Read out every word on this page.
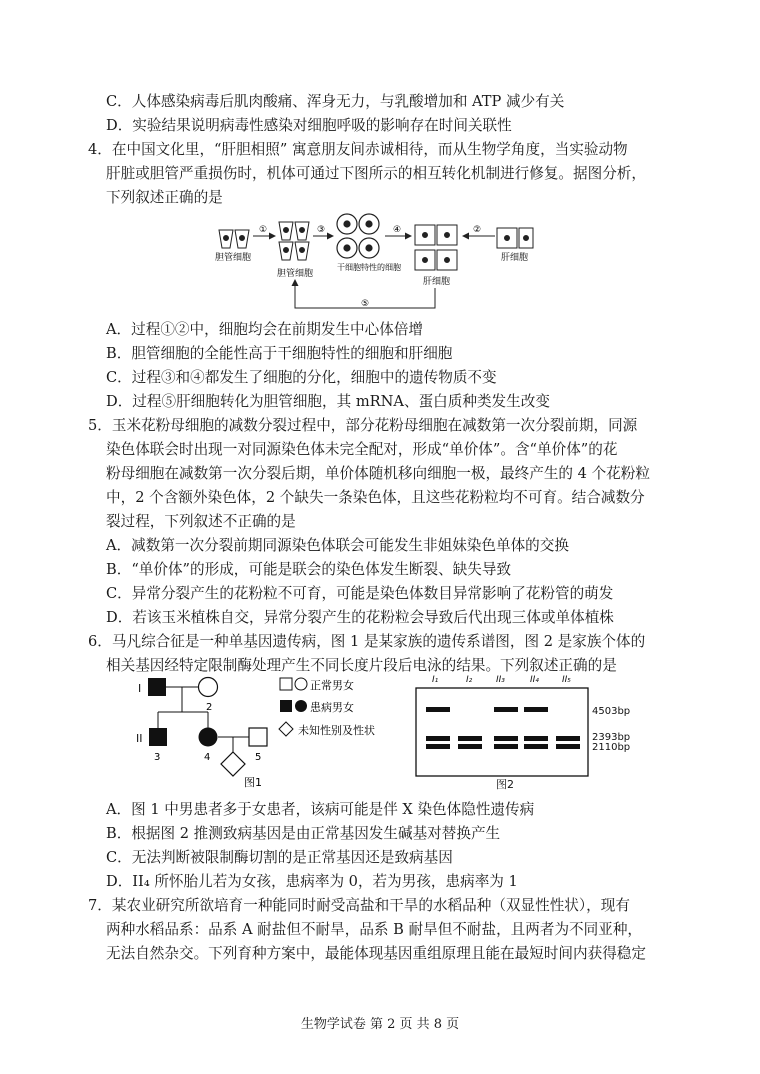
C．人体感染病毒后肌肉酸痛、浑身无力，与乳酸增加和 ATP 减少有关
D．实验结果说明病毒性感染对细胞呼吸的影响存在时间关联性
4．在中国文化里，“肝胆相照” 寓意朋友间赤诚相待，而从生物学角度，当实验动物
肝脏或胆管严重损伤时，机体可通过下图所示的相互转化机制进行修复。据图分析，
下列叙述正确的是
胆管细胞
①
胆管细胞
③
干细胞特性的细胞
④
肝细胞
②
肝细胞
⑤
A．过程①②中，细胞均会在前期发生中心体倍增
B．胆管细胞的全能性高于干细胞特性的细胞和肝细胞
C．过程③和④都发生了细胞的分化，细胞中的遗传物质不变
D．过程⑤肝细胞转化为胆管细胞，其 mRNA、蛋白质种类发生改变
5．玉米花粉母细胞的减数分裂过程中，部分花粉母细胞在减数第一次分裂前期，同源
染色体联会时出现一对同源染色体未完全配对，形成“单价体”。含“单价体”的花
粉母细胞在减数第一次分裂后期，单价体随机移向细胞一极，最终产生的 4 个花粉粒
中，2 个含额外染色体，2 个缺失一条染色体，且这些花粉粒均不可育。结合减数分
裂过程，下列叙述不正确的是
A．减数第一次分裂前期同源染色体联会可能发生非姐妹染色单体的交换
B．“单价体”的形成，可能是联会的染色体发生断裂、缺失导致
C．异常分裂产生的花粉粒不可育，可能是染色体数目异常影响了花粉管的萌发
D．若该玉米植株自交，异常分裂产生的花粉粒会导致后代出现三体或单体植株
6．马凡综合征是一种单基因遗传病，图 1 是某家族的遗传系谱图，图 2 是家族个体的
相关基因经特定限制酶处理产生不同长度片段后电泳的结果。下列叙述正确的是
I
II
2
3	4	5
图1
正常男女
患病男女
未知性别及性状
I₁	I₂	II₃	II₄	II₅
4503bp
2393bp
2110bp
图2
A．图 1 中男患者多于女患者，该病可能是伴 X 染色体隐性遗传病
B．根据图 2 推测致病基因是由正常基因发生碱基对替换产生
C．无法判断被限制酶切割的是正常基因还是致病基因
D．II₄ 所怀胎儿若为女孩，患病率为 0，若为男孩，患病率为 1
7．某农业研究所欲培育一种能同时耐受高盐和干旱的水稻品种（双显性性状），现有
两种水稻品系：品系 A 耐盐但不耐旱，品系 B 耐旱但不耐盐，且两者为不同亚种，
无法自然杂交。下列育种方案中，最能体现基因重组原理且能在最短时间内获得稳定
生物学试卷 第 2 页 共 8 页
